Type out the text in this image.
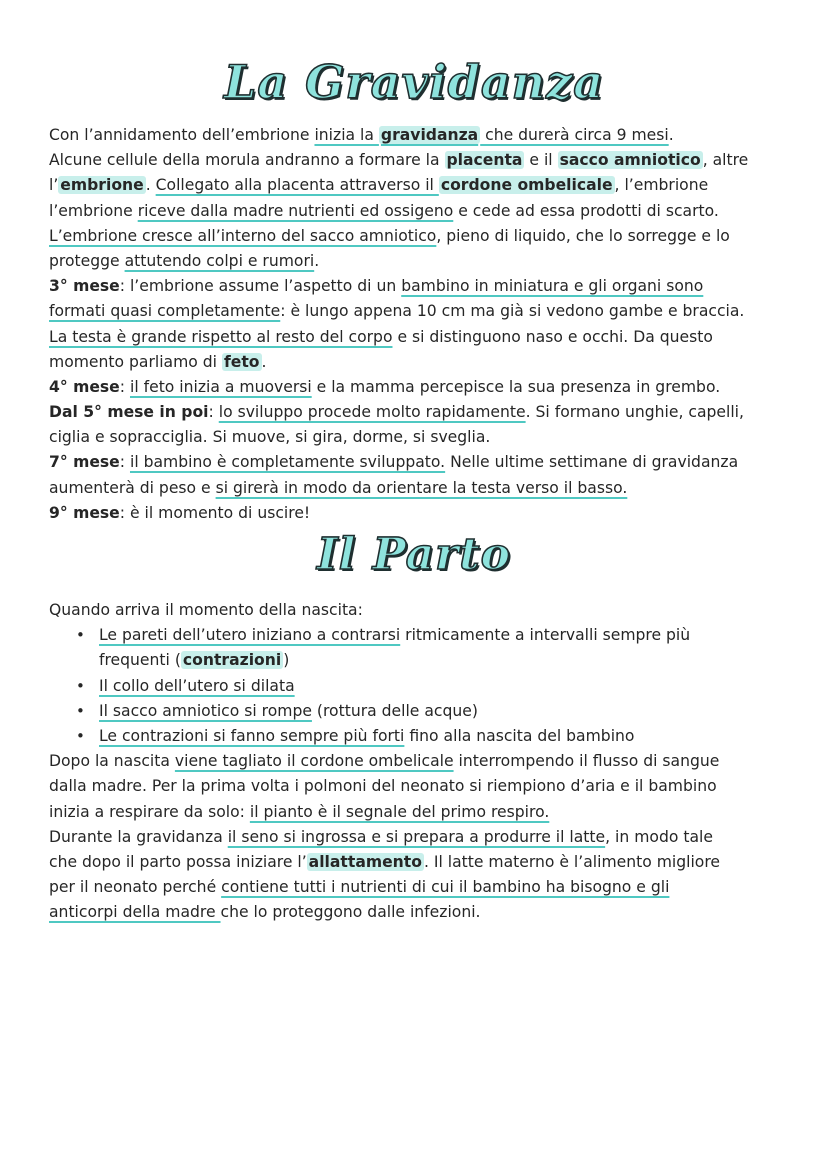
La Gravidanza
Con l’annidamento dell’embrione inizia la gravidanza che durerà circa 9 mesi.
Alcune cellule della morula andranno a formare la placenta e il sacco amniotico , altre
l’ embrione . Collegato alla placenta attraverso il cordone ombelicale , l’embrione
l’embrione riceve dalla madre nutrienti ed ossigeno e cede ad essa prodotti di scarto.
L’embrione cresce all’interno del sacco amniotico, pieno di liquido, che lo sorregge e lo
protegge attutendo colpi e rumori.
3° mese: l’embrione assume l’aspetto di un bambino in miniatura e gli organi sono
formati quasi completamente: è lungo appena 10 cm ma già si vedono gambe e braccia.
La testa è grande rispetto al resto del corpo e si distinguono naso e occhi. Da questo
momento parliamo di feto .
4° mese: il feto inizia a muoversi e la mamma percepisce la sua presenza in grembo.
Dal 5° mese in poi: lo sviluppo procede molto rapidamente. Si formano unghie, capelli,
ciglia e sopracciglia. Si muove, si gira, dorme, si sveglia.
7° mese: il bambino è completamente sviluppato. Nelle ultime settimane di gravidanza
aumenterà di peso e si girerà in modo da orientare la testa verso il basso.
9° mese: è il momento di uscire!
Il Parto
Quando arriva il momento della nascita:
• Le pareti dell’utero iniziano a contrarsi ritmicamente a intervalli sempre più
frequenti ( contrazioni )
• Il collo dell’utero si dilata
• Il sacco amniotico si rompe (rottura delle acque)
• Le contrazioni si fanno sempre più forti fino alla nascita del bambino
Dopo la nascita viene tagliato il cordone ombelicale interrompendo il flusso di sangue
dalla madre. Per la prima volta i polmoni del neonato si riempiono d’aria e il bambino
inizia a respirare da solo: il pianto è il segnale del primo respiro.
Durante la gravidanza il seno si ingrossa e si prepara a produrre il latte, in modo tale
che dopo il parto possa iniziare l’ allattamento . Il latte materno è l’alimento migliore
per il neonato perché contiene tutti i nutrienti di cui il bambino ha bisogno e gli
anticorpi della madre che lo proteggono dalle infezioni.
